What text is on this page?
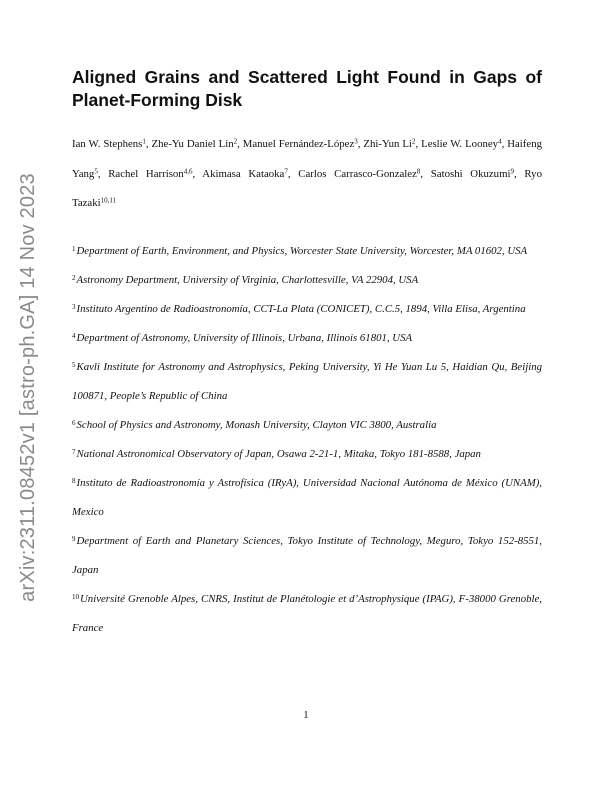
arXiv:2311.08452v1 [astro-ph.GA] 14 Nov 2023
Aligned Grains and Scattered Light Found in Gaps of Planet-Forming Disk
Ian W. Stephens$^1$, Zhe-Yu Daniel Lin$^2$, Manuel Fernández-López$^3$, Zhi-Yun Li$^2$, Leslie W. Looney$^4$, Haifeng Yang$^5$, Rachel Harrison$^{4,6}$, Akimasa Kataoka$^7$, Carlos Carrasco-Gonzalez$^8$, Satoshi Okuzumi$^9$, Ryo Tazaki$^{10,11}$

$^1$Department of Earth, Environment, and Physics, Worcester State University, Worcester, MA 01602, USA

$^2$Astronomy Department, University of Virginia, Charlottesville, VA 22904, USA

$^3$Instituto Argentino de Radioastronomía, CCT-La Plata (CONICET), C.C.5, 1894, Villa Elisa, Argentina

$^4$Department of Astronomy, University of Illinois, Urbana, Illinois 61801, USA

$^5$Kavli Institute for Astronomy and Astrophysics, Peking University, Yi He Yuan Lu 5, Haidian Qu, Beijing 100871, People’s Republic of China

$^6$School of Physics and Astronomy, Monash University, Clayton VIC 3800, Australia

$^7$National Astronomical Observatory of Japan, Osawa 2-21-1, Mitaka, Tokyo 181-8588, Japan

$^8$Instituto de Radioastronomía y Astrofísica (IRyA), Universidad Nacional Autónoma de México (UNAM), Mexico

$^9$Department of Earth and Planetary Sciences, Tokyo Institute of Technology, Meguro, Tokyo 152-8551, Japan

$^{10}$Université Grenoble Alpes, CNRS, Institut de Planétologie et d’Astrophysique (IPAG), F-38000 Grenoble, France

1
